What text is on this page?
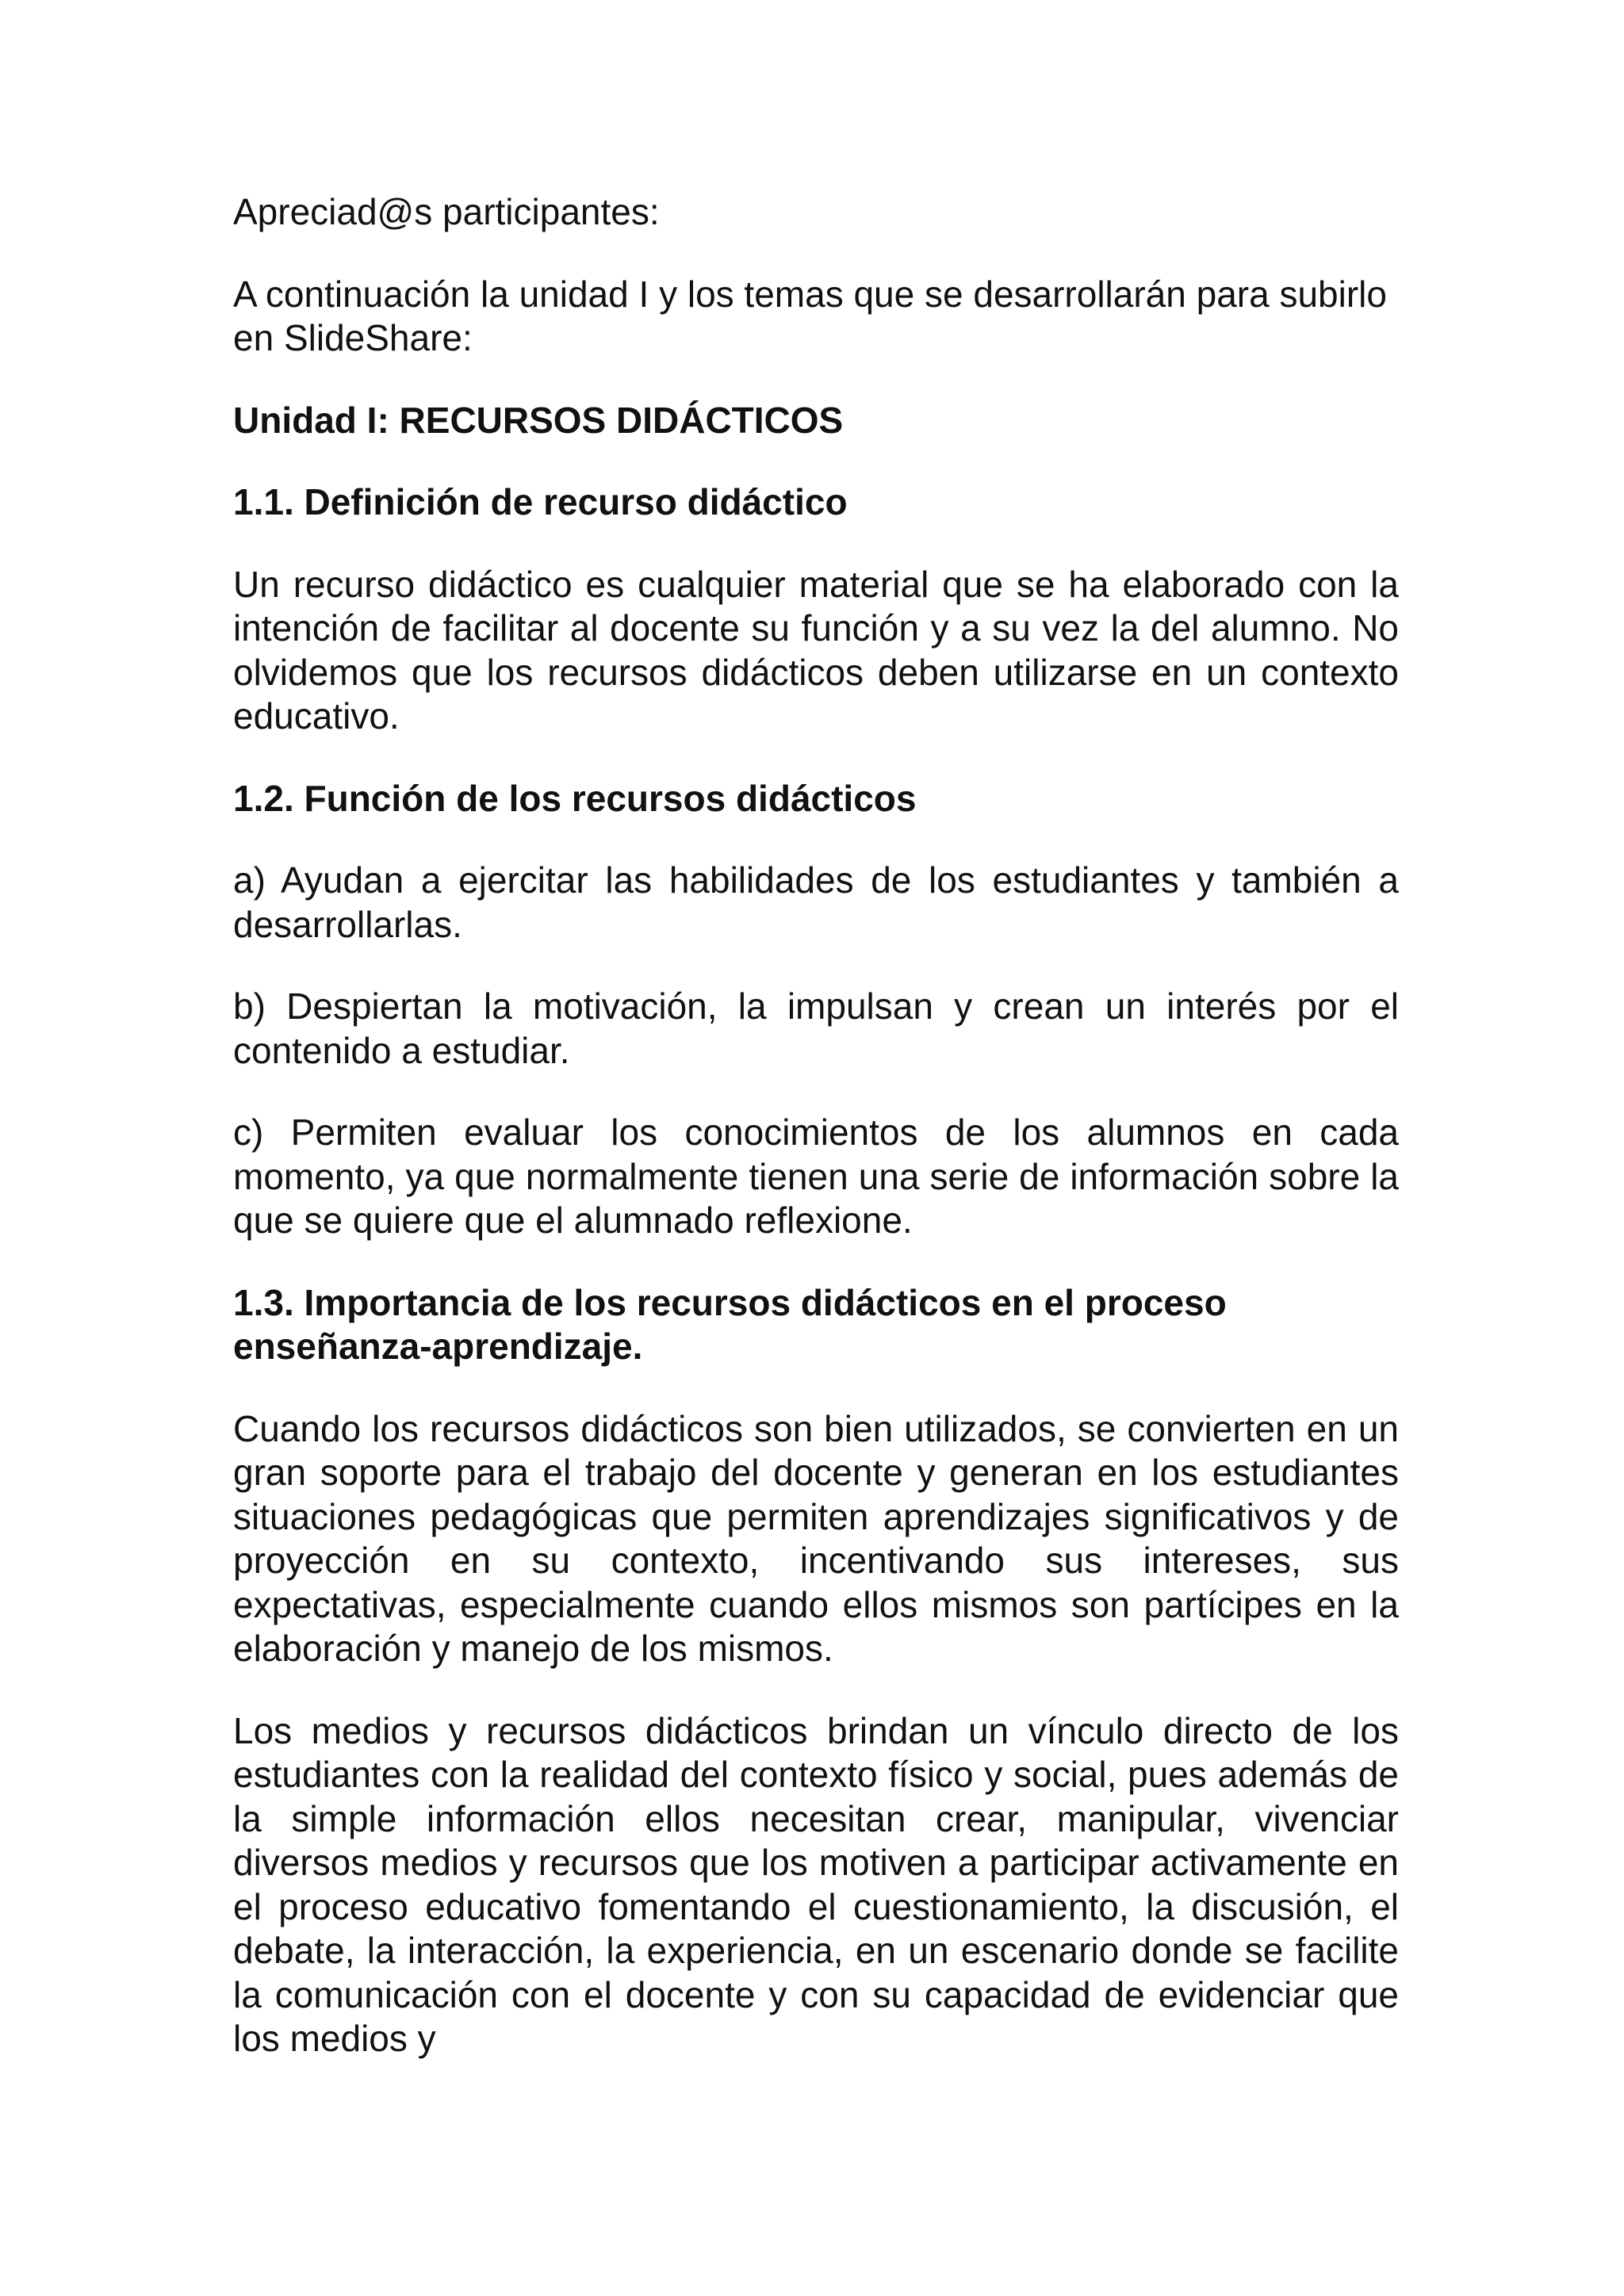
Apreciad@s participantes:

A continuación la unidad I y los temas que se desarrollarán para subirlo en SlideShare:

Unidad I: RECURSOS DIDÁCTICOS

1.1. Definición de recurso didáctico

Un recurso didáctico es cualquier material que se ha elaborado con la intención de facilitar al docente su función y a su vez la del alumno. No olvidemos que los recursos didácticos deben utilizarse en un contexto educativo.

1.2. Función de los recursos didácticos

a) Ayudan a ejercitar las habilidades de los estudiantes y también a desarrollarlas.

b) Despiertan la motivación, la impulsan y crean un interés por el contenido a estudiar.

c) Permiten evaluar los conocimientos de los alumnos en cada momento, ya que normalmente tienen una serie de información sobre la que se quiere que el alumnado reflexione.

1.3. Importancia de los recursos didácticos en el proceso enseñanza-aprendizaje.

Cuando los recursos didácticos son bien utilizados, se convierten en un gran soporte para el trabajo del docente y generan en los estudiantes situaciones pedagógicas que permiten aprendizajes significativos y de proyección en su contexto, incentivando sus intereses, sus expectativas, especialmente cuando ellos mismos son partícipes en la elaboración y manejo de los mismos.

Los medios y recursos didácticos brindan un vínculo directo de los estudiantes con la realidad del contexto físico y social, pues además de la simple información ellos necesitan crear, manipular, vivenciar diversos medios y recursos que los motiven a participar activamente en el proceso educativo fomentando el cuestionamiento, la discusión, el debate, la interacción, la experiencia, en un escenario donde se facilite la comunicación con el docente y con su capacidad de evidenciar que los medios y
